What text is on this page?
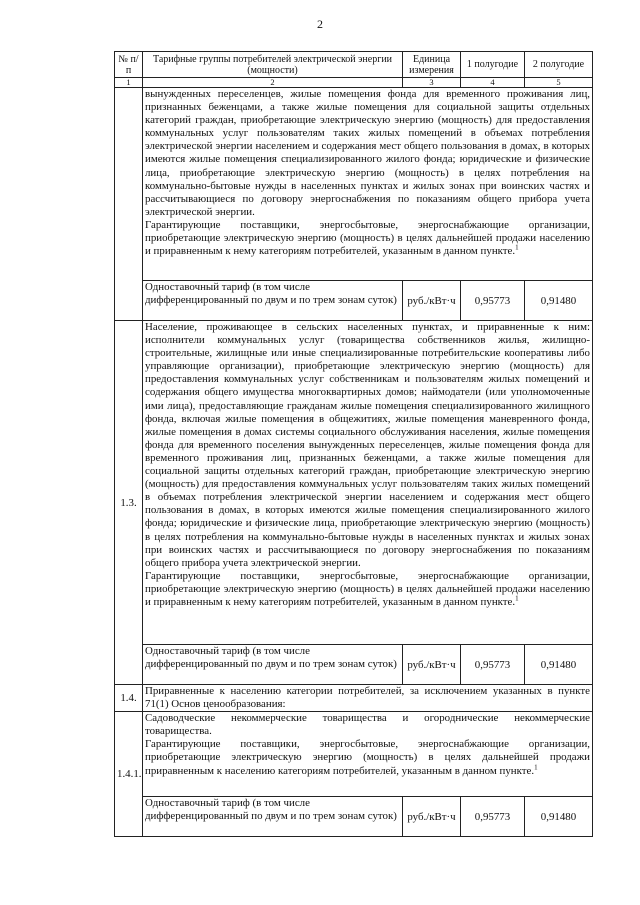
2
№ п/п	Тарифные группы потребителей электрической энергии (мощности)	Единица измерения	1 полугодие	2 полугодие
1	2	3	4	5

	вынужденных переселенцев, жилые помещения фонда для временного проживания лиц, признанных беженцами, а также жилые помещения для социальной защиты отдельных категорий граждан, приобретающие электрическую энергию (мощность) для предоставления коммунальных услуг пользователям таких жилых помещений в объемах потребления электрической энергии населением и содержания мест общего пользования в домах, в которых имеются жилые помещения специализированного жилого фонда; юридические и физические лица, приобретающие электрическую энергию (мощность) в целях потребления на коммунально-бытовые нужды в населенных пунктах и жилых зонах при воинских частях и рассчитывающиеся по договору энергоснабжения по показаниям общего прибора учета электрической энергии.

Гарантирующие поставщики, энергосбытовые, энергоснабжающие организации, приобретающие электрическую энергию (мощность) в целях дальнейшей продажи населению и приравненным к нему категориям потребителей, указанным в данном пункте.$^1$

	Одноставочный тариф (в том числе дифференцированный по двум и по трем зонам суток)	руб./кВт·ч	0,95773	0,91480
1.3.	Население, проживающее в сельских населенных пунктах, и приравненные к ним: исполнители коммунальных услуг (товарищества собственников жилья, жилищно-строительные, жилищные или иные специализированные потребительские кооперативы либо управляющие организации), приобретающие электрическую энергию (мощность) для предоставления коммунальных услуг собственникам и пользователям жилых помещений и содержания общего имущества многоквартирных домов; наймодатели (или уполномоченные ими лица), предоставляющие гражданам жилые помещения специализированного жилищного фонда, включая жилые помещения в общежитиях, жилые помещения маневренного фонда, жилые помещения в домах системы социального обслуживания населения, жилые помещения фонда для временного поселения вынужденных переселенцев, жилые помещения фонда для временного проживания лиц, признанных беженцами, а также жилые помещения для социальной защиты отдельных категорий граждан, приобретающие электрическую энергию (мощность) для предоставления коммунальных услуг пользователям таких жилых помещений в объемах потребления электрической энергии населением и содержания мест общего пользования в домах, в которых имеются жилые помещения специализированного жилого фонда; юридические и физические лица, приобретающие электрическую энергию (мощность) в целях потребления на коммунально-бытовые нужды в населенных пунктах и жилых зонах при воинских частях и рассчитывающиеся по договору энергоснабжения по показаниям общего прибора учета электрической энергии.

Гарантирующие поставщики, энергосбытовые, энергоснабжающие организации, приобретающие электрическую энергию (мощность) в целях дальнейшей продажи населению и приравненным к нему категориям потребителей, указанным в данном пункте.$^1$

	Одноставочный тариф (в том числе дифференцированный по двум и по трем зонам суток)	руб./кВт·ч	0,95773	0,91480
1.4.	Приравненные к населению категории потребителей, за исключением указанных в пункте 71(1) Основ ценообразования:			
1.4.1.	Садоводческие некоммерческие товарищества и огороднические некоммерческие товарищества.

Гарантирующие поставщики, энергосбытовые, энергоснабжающие организации, приобретающие электрическую энергию (мощность) в целях дальнейшей продажи приравненным к населению категориям потребителей, указанным в данном пункте.$^1$

	Одноставочный тариф (в том числе дифференцированный по двум и по трем зонам суток)	руб./кВт·ч	0,95773	0,91480
